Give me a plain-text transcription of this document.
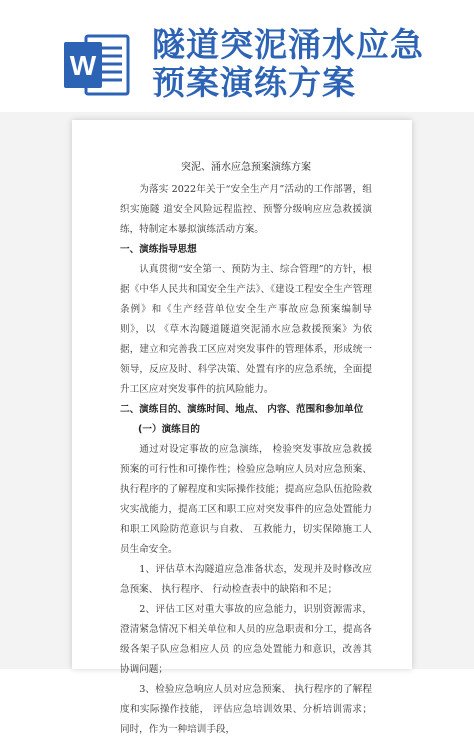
W
隧道突泥涌水应急
预案演练方案
突泥、涌水应急预案演练方案

为落实 2022年关于“安全生产月”活动的工作部署，组织实施隧 道安全风险远程监控、预警分级响应应急救援演练，特制定本暴拟演练活动方案。

一、演练指导思想

认真贯彻“安全第一、预防为主、综合管理”的方针，根据《中华人民共和国安全生产法》、《建设工程安全生产管理条例》和《生产经营单位安全生产事故应急预案编制导则》，以 《草木沟隧道隧道突泥涌水应急救援预案》为依据，建立和完善我工区应对突发事件的管理体系，形成统一领导，反应及时、科学决策、处置有序的应急系统，全面提升工区应对突发事件的抗风险能力。

二、演练目的、演练时间、地点、 内容、范围和参加单位

(一）演练目的

通过对设定事故的应急演练， 检验突发事故应急救援预案的可行性和可操作性；检验应急响应人员对应急预案、 执行程序的了解程度和实际操作技能；提高应急队伍抢险救灾实战能力，提高工区和职工应对突发事件的应急处置能力和职工风险防范意识与自救、 互救能力，切实保障施工人员生命安全。

1、评估草木沟隧道应急准备状态，发现并及时修改应急预案、 执行程序、 行动检查表中的缺陷和不足；

2、评估工区对重大事故的应急能力，识别资源需求，澄清紧急情况下相关单位和人员的应急职责和分工，提高各级各架子队应急相应人员 的应急处置能力和意识，改善其协调问题；

3、检验应急响应人员对应急预案、 执行程序的了解程度和实际操作技能， 评估应急培训效果、分析培训需求；同时，作为一种培训手段，
